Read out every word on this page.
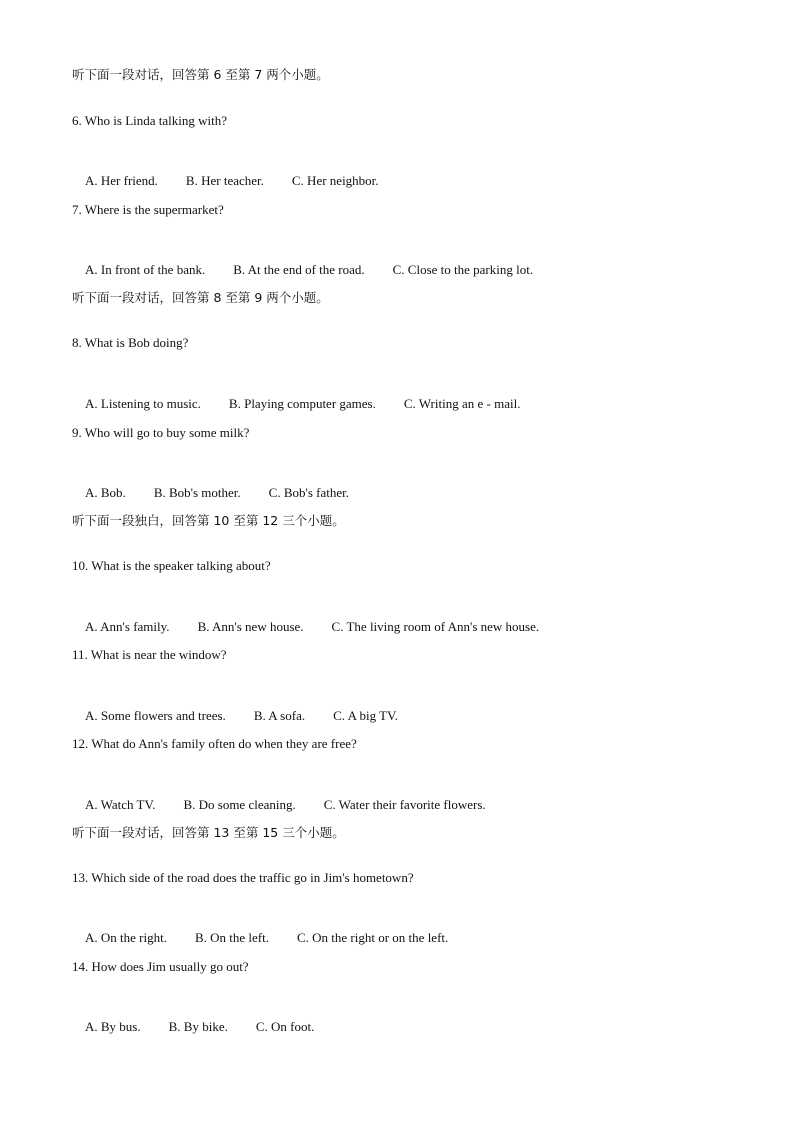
听下面一段对话，回答第 6 至第 7 两个小题。
6. Who is Linda talking with?

A. Her friend. B. Her teacher. C. Her neighbor.

7. Where is the supermarket?

A. In front of the bank. B. At the end of the road. C. Close to the parking lot.

听下面一段对话，回答第 8 至第 9 两个小题。
8. What is Bob doing?

A. Listening to music. B. Playing computer games. C. Writing an e - mail.

9. Who will go to buy some milk?

A. Bob. B. Bob's mother. C. Bob's father.

听下面一段独白，回答第 10 至第 12 三个小题。
10. What is the speaker talking about?

A. Ann's family. B. Ann's new house. C. The living room of Ann's new house.

11. What is near the window?

A. Some flowers and trees. B. A sofa. C. A big TV.

12. What do Ann's family often do when they are free?

A. Watch TV. B. Do some cleaning. C. Water their favorite flowers.

听下面一段对话，回答第 13 至第 15 三个小题。
13. Which side of the road does the traffic go in Jim's hometown?

A. On the right. B. On the left. C. On the right or on the left.

14. How does Jim usually go out?

A. By bus. B. By bike. C. On foot.
